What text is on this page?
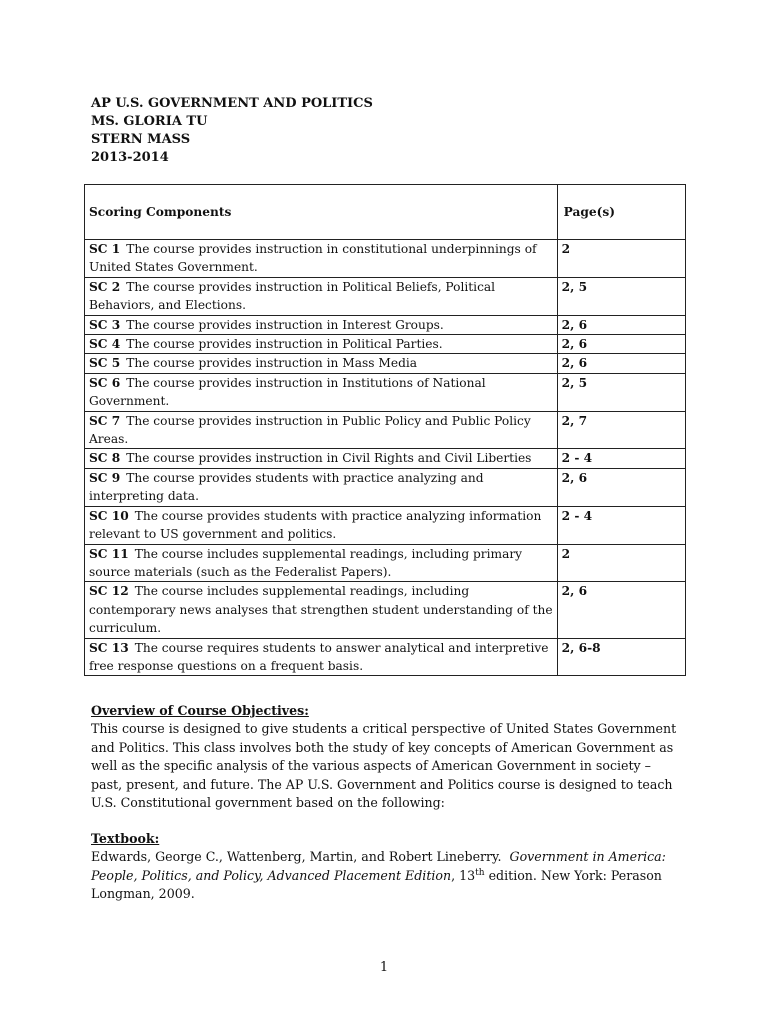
AP U.S. GOVERNMENT AND POLITICS
MS. GLORIA TU
STERN MASS
2013-2014
Scoring Components	Page(s)
SC 1 The course provides instruction in constitutional underpinnings of United States Government.	2
SC 2 The course provides instruction in Political Beliefs, Political Behaviors, and Elections.	2, 5
SC 3 The course provides instruction in Interest Groups.	2, 6
SC 4 The course provides instruction in Political Parties.	2, 6
SC 5 The course provides instruction in Mass Media	2, 6
SC 6 The course provides instruction in Institutions of National Government.	2, 5
SC 7 The course provides instruction in Public Policy and Public Policy Areas.	2, 7
SC 8 The course provides instruction in Civil Rights and Civil Liberties	2 - 4
SC 9 The course provides students with practice analyzing and interpreting data.	2, 6
SC 10 The course provides students with practice analyzing information relevant to US government and politics.	2 - 4
SC 11 The course includes supplemental readings, including primary source materials (such as the Federalist Papers).	2
SC 12 The course includes supplemental readings, including contemporary news analyses that strengthen student understanding of the curriculum.	2, 6
SC 13 The course requires students to answer analytical and interpretive free response questions on a frequent basis.	2, 6-8
Overview of Course Objectives:
This course is designed to give students a critical perspective of United States Government and Politics. This class involves both the study of key concepts of American Government as well as the specific analysis of the various aspects of American Government in society – past, present, and future. The AP U.S. Government and Politics course is designed to teach U.S. Constitutional government based on the following:
Textbook:
Edwards, George C., Wattenberg, Martin, and Robert Lineberry. Government in America: People, Politics, and Policy, Advanced Placement Edition, 13th edition. New York: Perason Longman, 2009.
1
